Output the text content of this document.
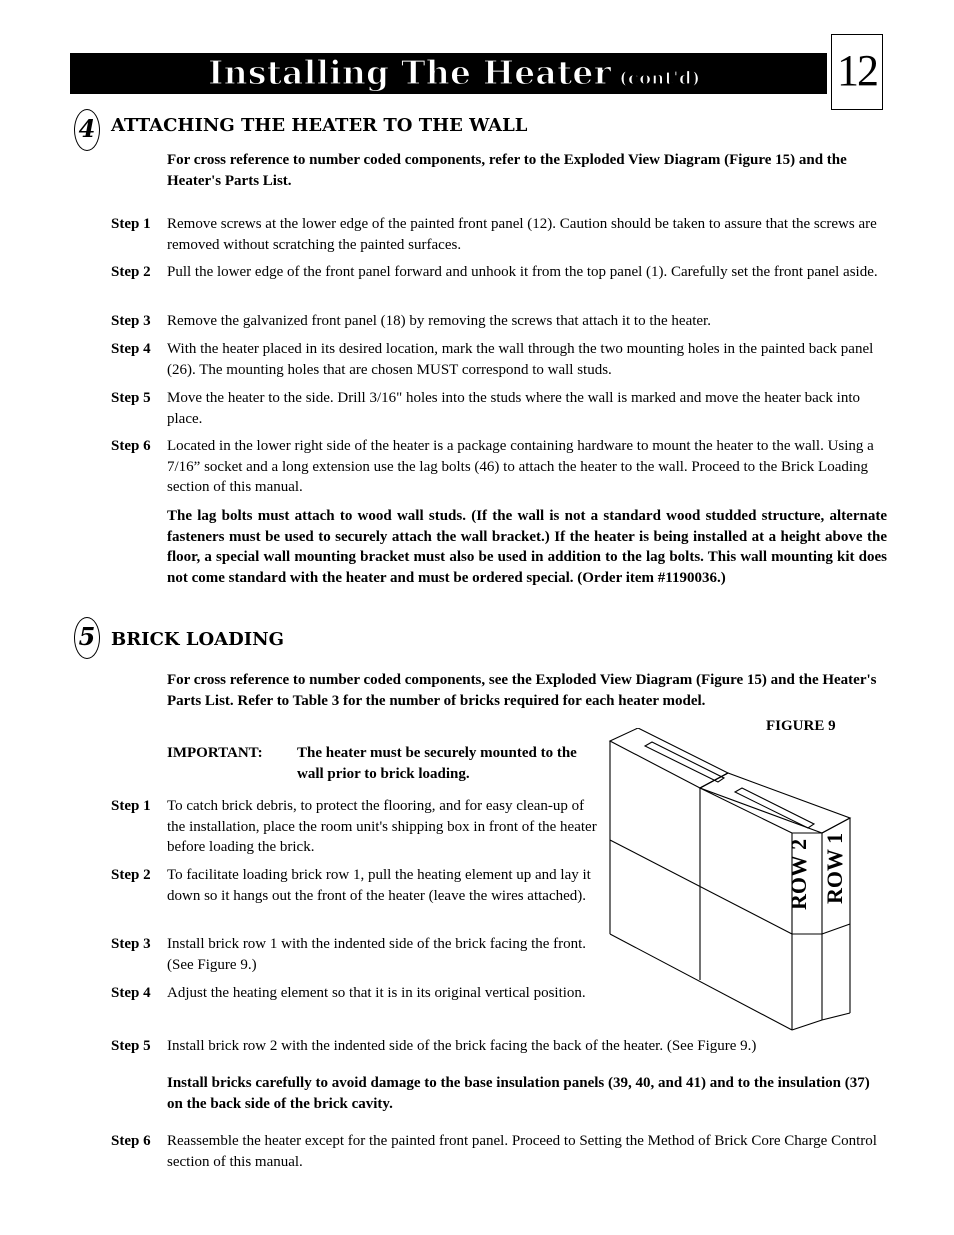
Installing The Heater (cont'd)	12
4 ATTACHING THE HEATER TO THE WALL
For cross reference to number coded components, refer to the Exploded View Diagram (Figure 15) and the Heater's Parts List.
Step 1 Remove screws at the lower edge of the painted front panel (12). Caution should be taken to assure that the screws are removed without scratching the painted surfaces.
Step 2 Pull the lower edge of the front panel forward and unhook it from the top panel (1). Carefully set the front panel aside.
Step 3 Remove the galvanized front panel (18) by removing the screws that attach it to the heater.
Step 4 With the heater placed in its desired location, mark the wall through the two mounting holes in the painted back panel (26). The mounting holes that are chosen MUST correspond to wall studs.
Step 5 Move the heater to the side. Drill 3/16" holes into the studs where the wall is marked and move the heater back into place.
Step 6 Located in the lower right side of the heater is a package containing hardware to mount the heater to the wall. Using a 7/16” socket and a long extension use the lag bolts (46) to attach the heater to the wall. Proceed to the Brick Loading section of this manual.
The lag bolts must attach to wood wall studs. (If the wall is not a standard wood studded structure, alternate fasteners must be used to securely attach the wall bracket.) If the heater is being installed at a height above the floor, a special wall mounting bracket must also be used in addition to the lag bolts. This wall mounting kit does not come standard with the heater and must be ordered special. (Order item #1190036.)
5 BRICK LOADING
For cross reference to number coded components, see the Exploded View Diagram (Figure 15) and the Heater's Parts List. Refer to Table 3 for the number of bricks required for each heater model.
IMPORTANT: The heater must be securely mounted to the wall prior to brick loading.
Step 1 To catch brick debris, to protect the flooring, and for easy clean-up of the installation, place the room unit's shipping box in front of the heater before loading the brick.
Step 2 To facilitate loading brick row 1, pull the heating element up and lay it down so it hangs out the front of the heater (leave the wires attached).
Step 3 Install brick row 1 with the indented side of the brick facing the front. (See Figure 9.)
Step 4 Adjust the heating element so that it is in its original vertical position.
Step 5 Install brick row 2 with the indented side of the brick facing the back of the heater. (See Figure 9.)
Install bricks carefully to avoid damage to the base insulation panels (39, 40, and 41) and to the insulation (37) on the back side of the brick cavity.
Step 6 Reassemble the heater except for the painted front panel. Proceed to Setting the Method of Brick Core Charge Control section of this manual.
FIGURE 9
ROW 2 ROW 1
